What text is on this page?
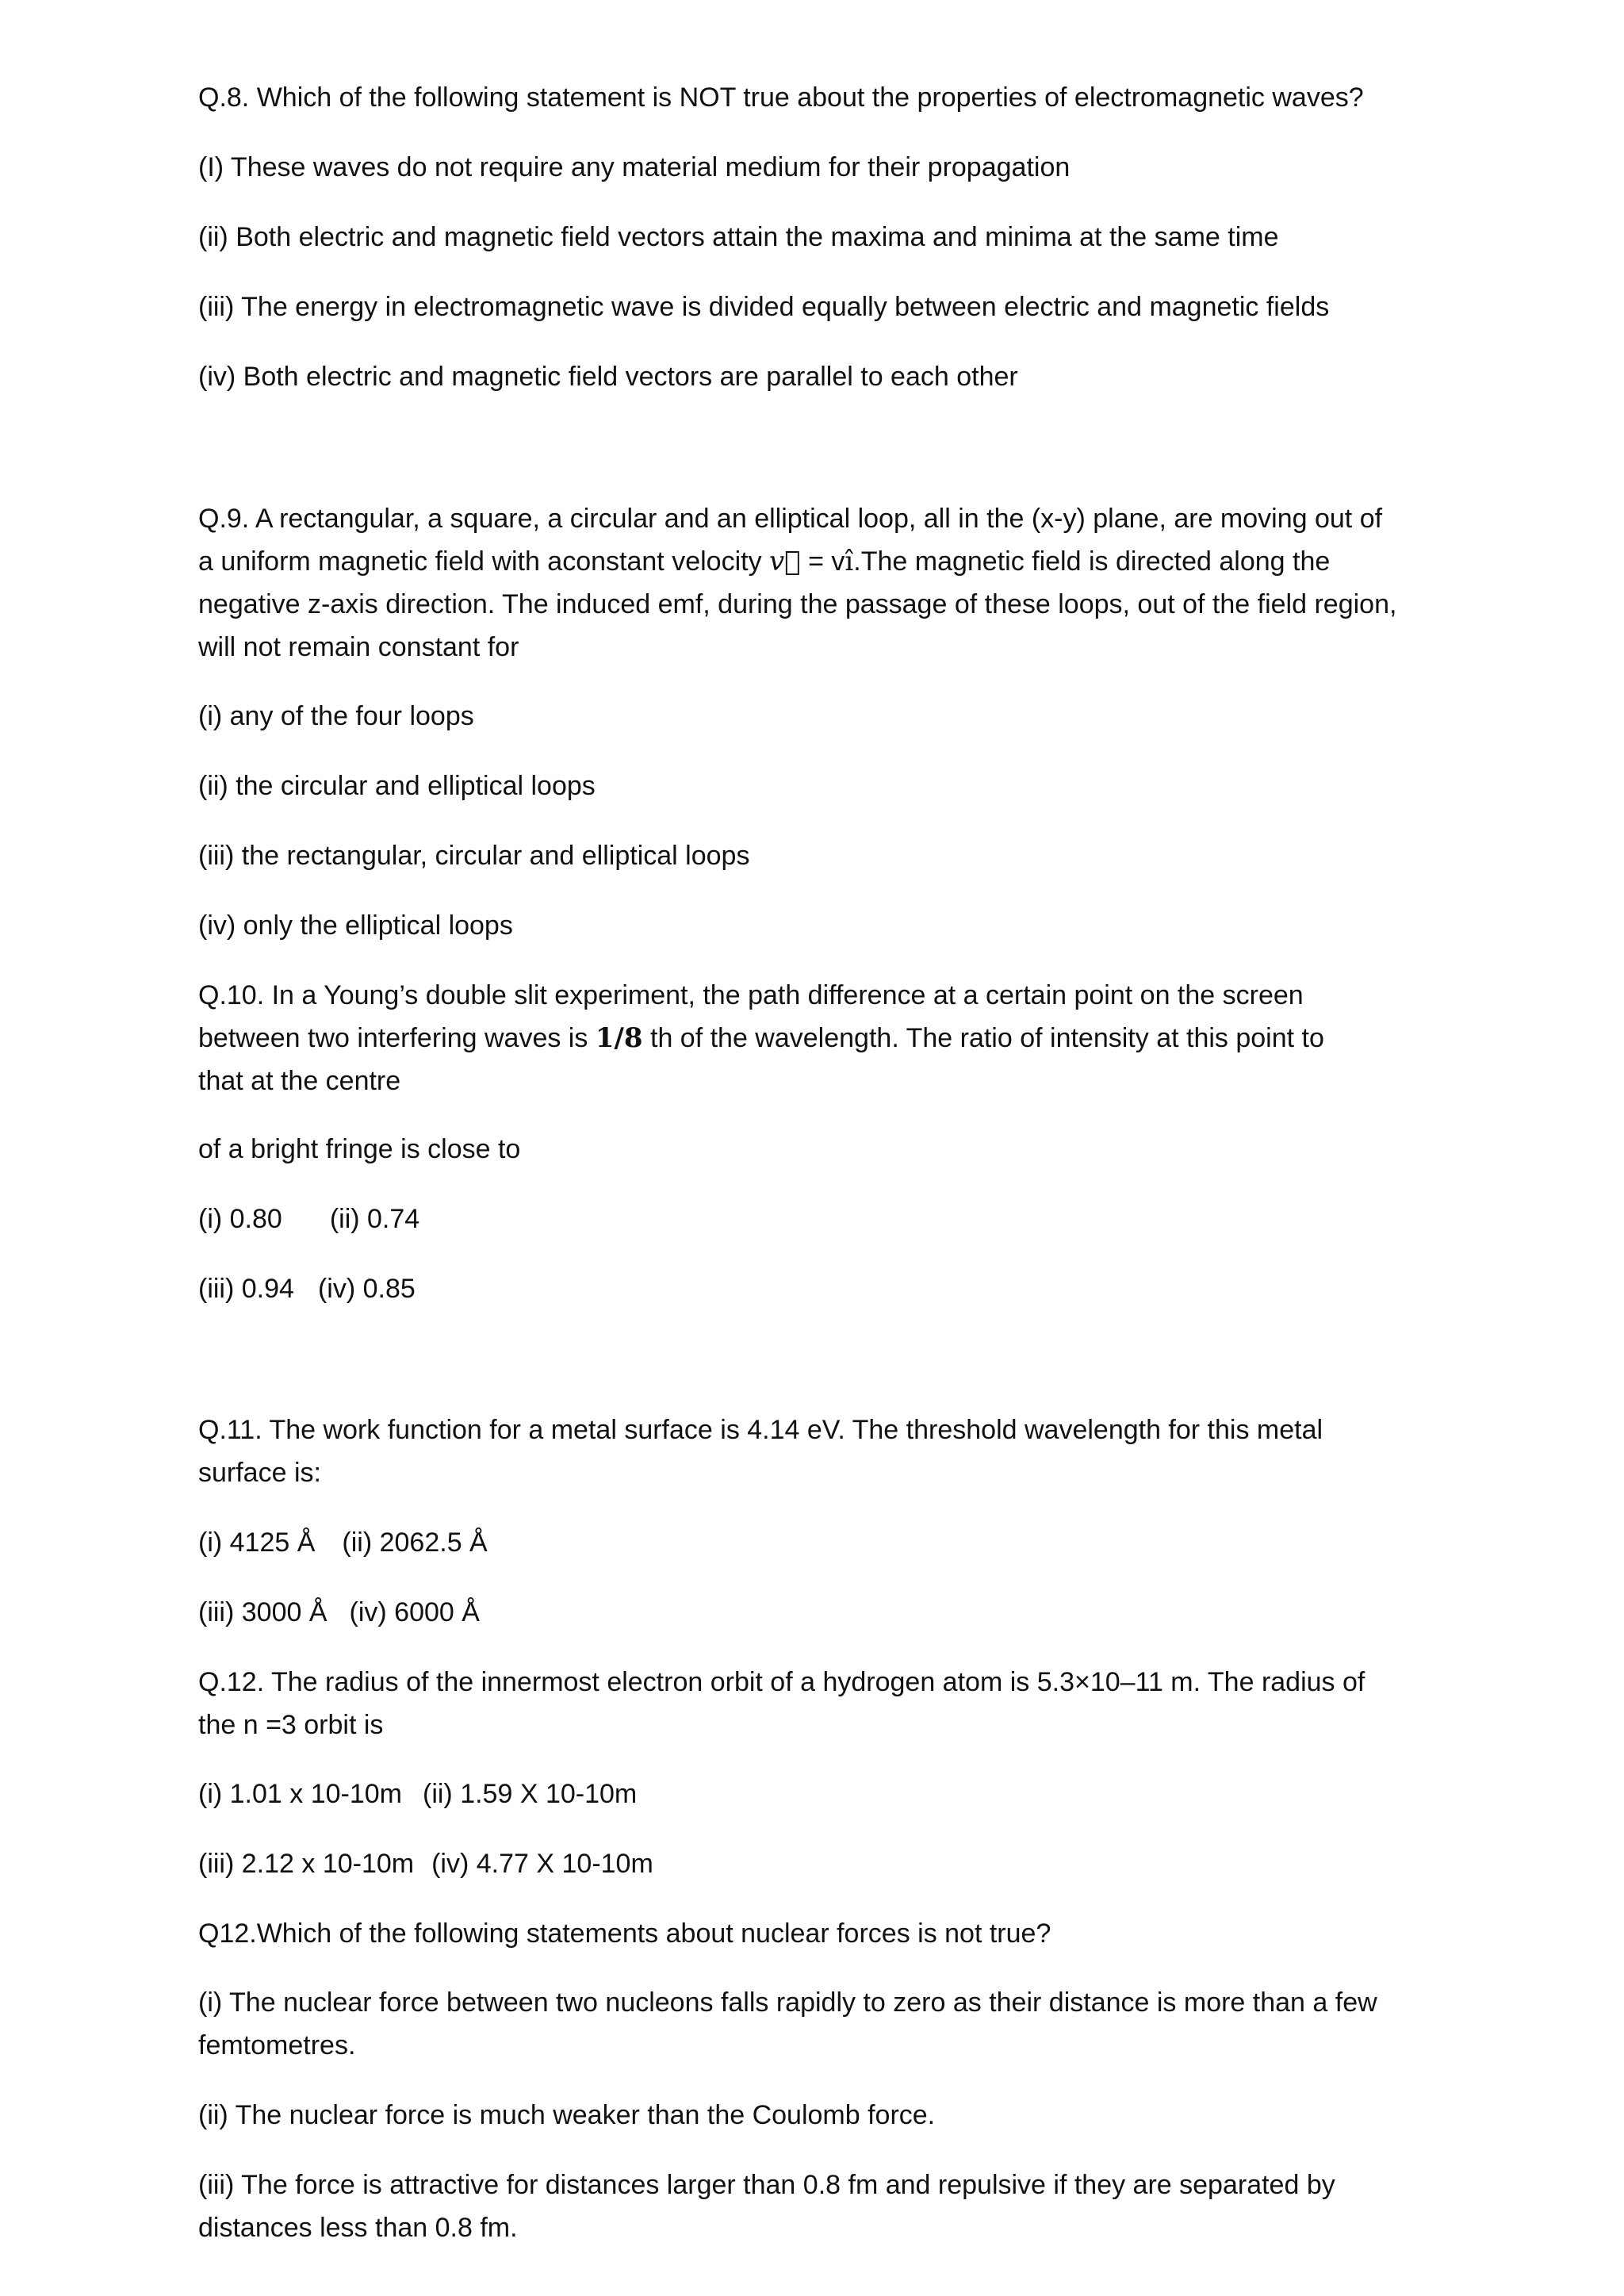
Q.8. Which of the following statement is NOT true about the properties of electromagnetic waves?

(I) These waves do not require any material medium for their propagation

(ii) Both electric and magnetic field vectors attain the maxima and minima at the same time

(iii) The energy in electromagnetic wave is divided equally between electric and magnetic fields

(iv) Both electric and magnetic field vectors are parallel to each other

Q.9. A rectangular, a square, a circular and an elliptical loop, all in the (x-y) plane, are moving out of

a uniform magnetic field with aconstant velocity 𝑣 = vî.The magnetic field is directed along the

negative z-axis direction. The induced emf, during the passage of these loops, out of the field region,

will not remain constant for

(i) any of the four loops

(ii) the circular and elliptical loops

(iii) the rectangular, circular and elliptical loops

(iv) only the elliptical loops

Q.10. In a Young’s double slit experiment, the path difference at a certain point on the screen

between two interfering waves is 1/8 th of the wavelength. The ratio of intensity at this point to

that at the centre

of a bright fringe is close to

(i) 0.80 (ii) 0.74

(iii) 0.94 (iv) 0.85

Q.11. The work function for a metal surface is 4.14 eV. The threshold wavelength for this metal

surface is:

(i) 4125 Å (ii) 2062.5 Å

(iii) 3000 Å (iv) 6000 Å

Q.12. The radius of the innermost electron orbit of a hydrogen atom is 5.3×10–11 m. The radius of

the n =3 orbit is

(i) 1.01 x 10-10m (ii) 1.59 X 10-10m

(iii) 2.12 x 10-10m (iv) 4.77 X 10-10m

Q12.Which of the following statements about nuclear forces is not true?

(i) The nuclear force between two nucleons falls rapidly to zero as their distance is more than a few

femtometres.

(ii) The nuclear force is much weaker than the Coulomb force.

(iii) The force is attractive for distances larger than 0.8 fm and repulsive if they are separated by

distances less than 0.8 fm.
